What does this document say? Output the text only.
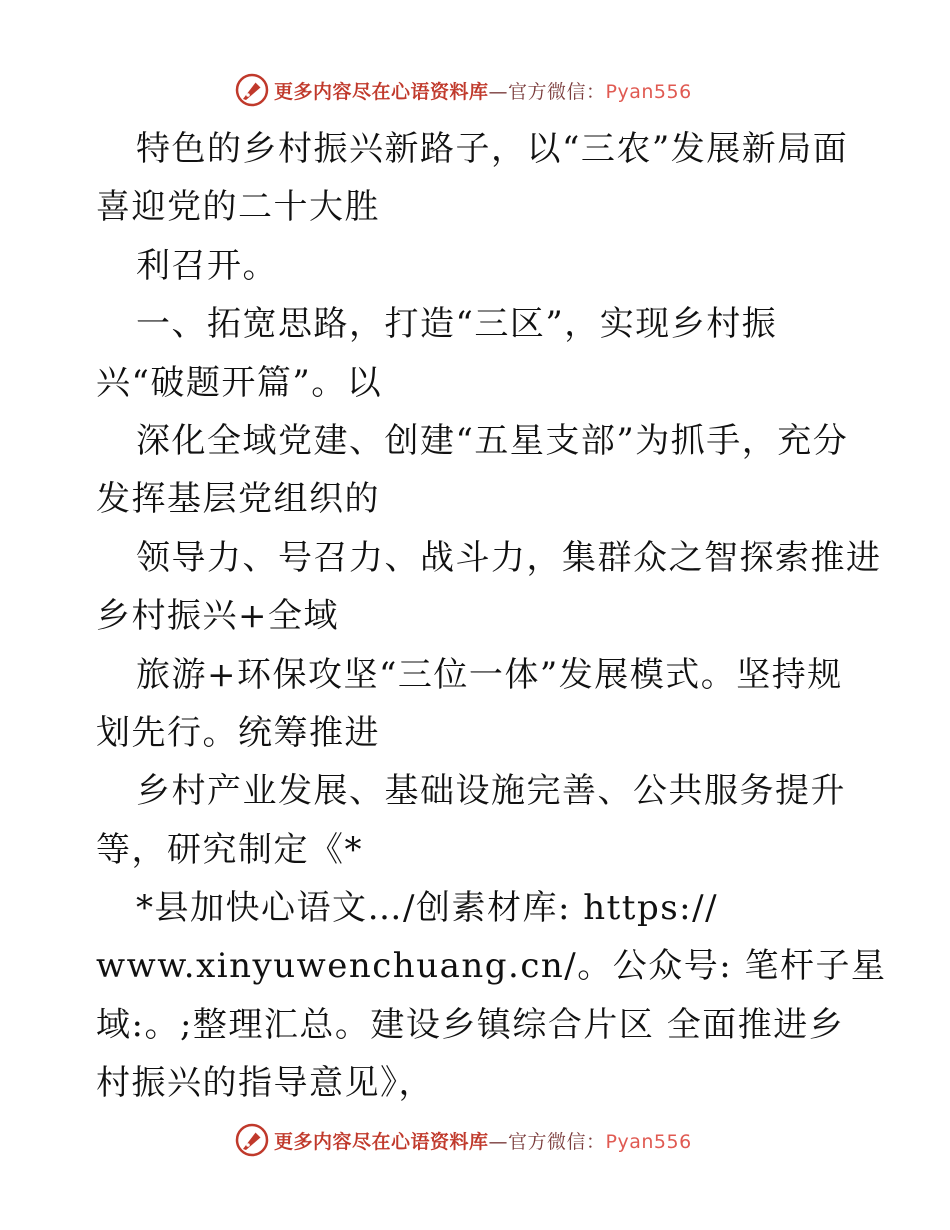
更多内容尽在心语资料库—官方微信：Pyan556
特色的乡村振兴新路子，以“三农”发展新局面
喜迎党的二十大胜
利召开。
一、拓宽思路，打造“三区”，实现乡村振
兴“破题开篇”。以
深化全域党建、创建“五星支部”为抓手，充分
发挥基层党组织的
领导力、号召力、战斗力，集群众之智探索推进
乡村振兴+全域
旅游+环保攻坚“三位一体”发展模式。坚持规
划先行。统筹推进
乡村产业发展、基础设施完善、公共服务提升
等，研究制定《*
*县加快心语文…/创素材库: https://
www.xinyuwenchuang.cn/。公众号: 笔杆子星
域:。;整理汇总。建设乡镇综合片区 全面推进乡
村振兴的指导意见》，
更多内容尽在心语资料库—官方微信：Pyan556
